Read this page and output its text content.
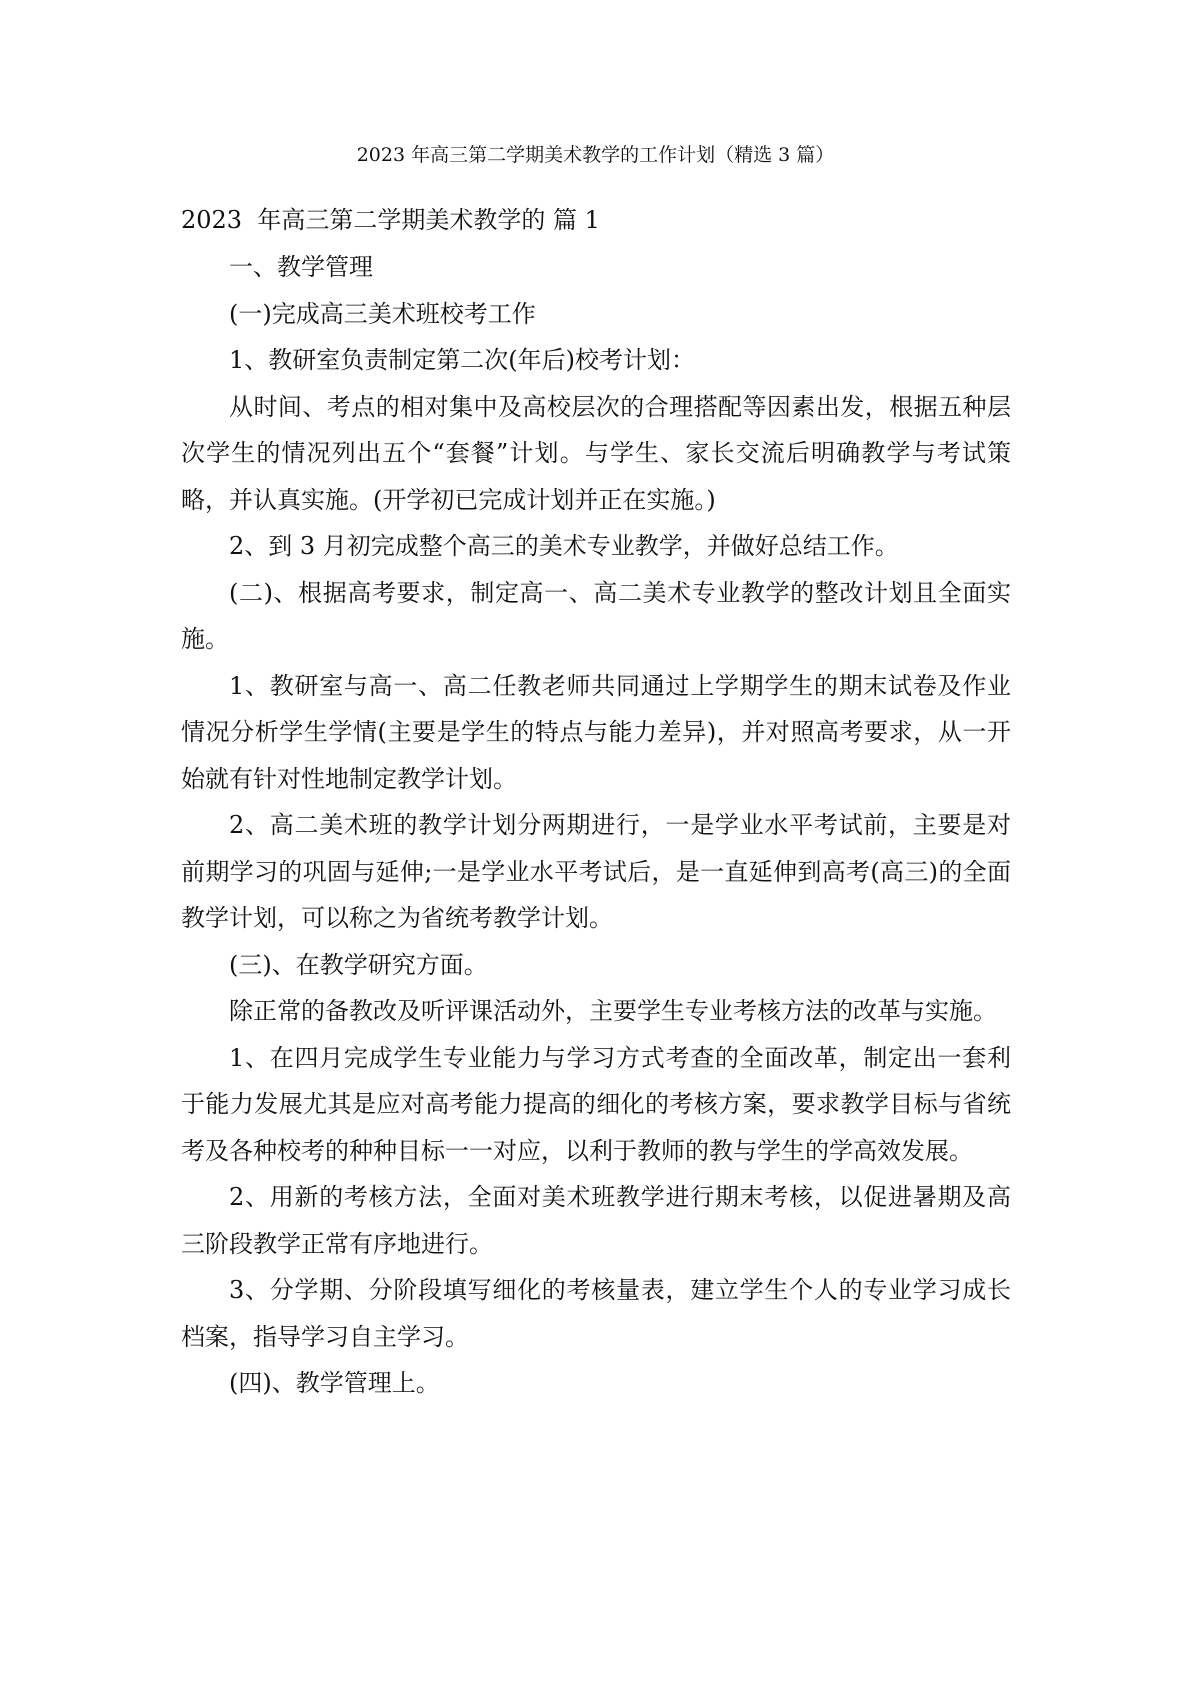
2023 年高三第二学期美术教学的工作计划（精选 3 篇）
2023  年高三第二学期美术教学的 篇 1

一、教学管理

(一)完成高三美术班校考工作

1、教研室负责制定第二次(年后)校考计划：

从时间、考点的相对集中及高校层次的合理搭配等因素出发，根据五种层次学生的情况列出五个“套餐”计划。与学生、家长交流后明确教学与考试策略，并认真实施。(开学初已完成计划并正在实施。)

2、到 3 月初完成整个高三的美术专业教学，并做好总结工作。

(二)、根据高考要求，制定高一、高二美术专业教学的整改计划且全面实施。

1、教研室与高一、高二任教老师共同通过上学期学生的期末试卷及作业情况分析学生学情(主要是学生的特点与能力差异)，并对照高考要求，从一开始就有针对性地制定教学计划。

2、高二美术班的教学计划分两期进行，一是学业水平考试前，主要是对前期学习的巩固与延伸;一是学业水平考试后，是一直延伸到高考(高三)的全面教学计划，可以称之为省统考教学计划。

(三)、在教学研究方面。

除正常的备教改及听评课活动外，主要学生专业考核方法的改革与实施。

1、在四月完成学生专业能力与学习方式考查的全面改革，制定出一套利于能力发展尤其是应对高考能力提高的细化的考核方案，要求教学目标与省统考及各种校考的种种目标一一对应，以利于教师的教与学生的学高效发展。

2、用新的考核方法，全面对美术班教学进行期末考核，以促进暑期及高三阶段教学正常有序地进行。

3、分学期、分阶段填写细化的考核量表，建立学生个人的专业学习成长档案，指导学习自主学习。

(四)、教学管理上。
